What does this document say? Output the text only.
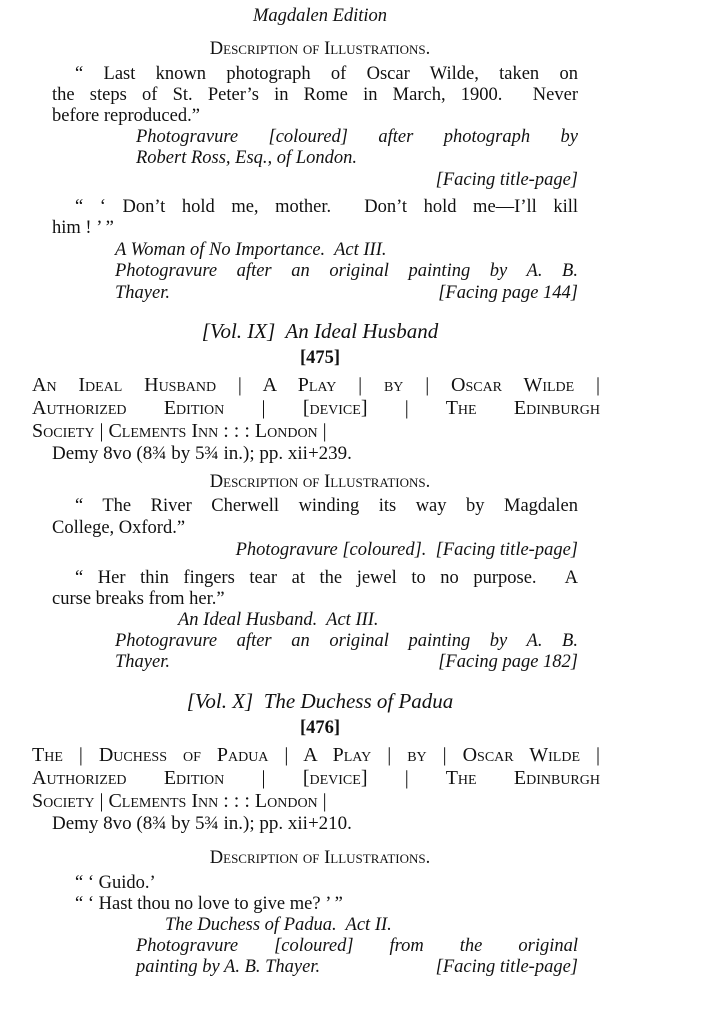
Magdalen Edition
Description of Illustrations.
“ Last known photograph of Oscar Wilde, taken on
the steps of St. Peter’s in Rome in March, 1900.  Never
before reproduced.”
Photogravure [coloured] after photograph by
Robert Ross, Esq., of London.
[Facing title-page]
“ ‘ Don’t hold me, mother.  Don’t hold me—I’ll kill
him ! ’ ”
A Woman of No Importance.  Act III.
Photogravure after an original painting by A. B.
Thayer.	[Facing page 144]
[Vol. IX]  An Ideal Husband
[475]
An Ideal Husband | A Play | by | Oscar Wilde |
Authorized Edition | [device] | The Edinburgh
Society | Clements Inn : : : London |
Demy 8vo (8¾ by 5¾ in.); pp. xii+239.
Description of Illustrations.
“ The River Cherwell winding its way by Magdalen
College, Oxford.”
Photogravure [coloured].  [Facing title-page]
“ Her thin fingers tear at the jewel to no purpose.  A
curse breaks from her.”
An Ideal Husband.  Act III.
Photogravure after an original painting by A. B.
Thayer.	[Facing page 182]
[Vol. X]  The Duchess of Padua
[476]
The | Duchess of Padua | A Play | by | Oscar Wilde |
Authorized Edition | [device] | The Edinburgh
Society | Clements Inn : : : London |
Demy 8vo (8¾ by 5¾ in.); pp. xii+210.
Description of Illustrations.
“ ‘ Guido.’
“ ‘ Hast thou no love to give me? ’ ”
The Duchess of Padua.  Act II.
Photogravure [coloured] from the original
painting by A. B. Thayer.	[Facing title-page]
